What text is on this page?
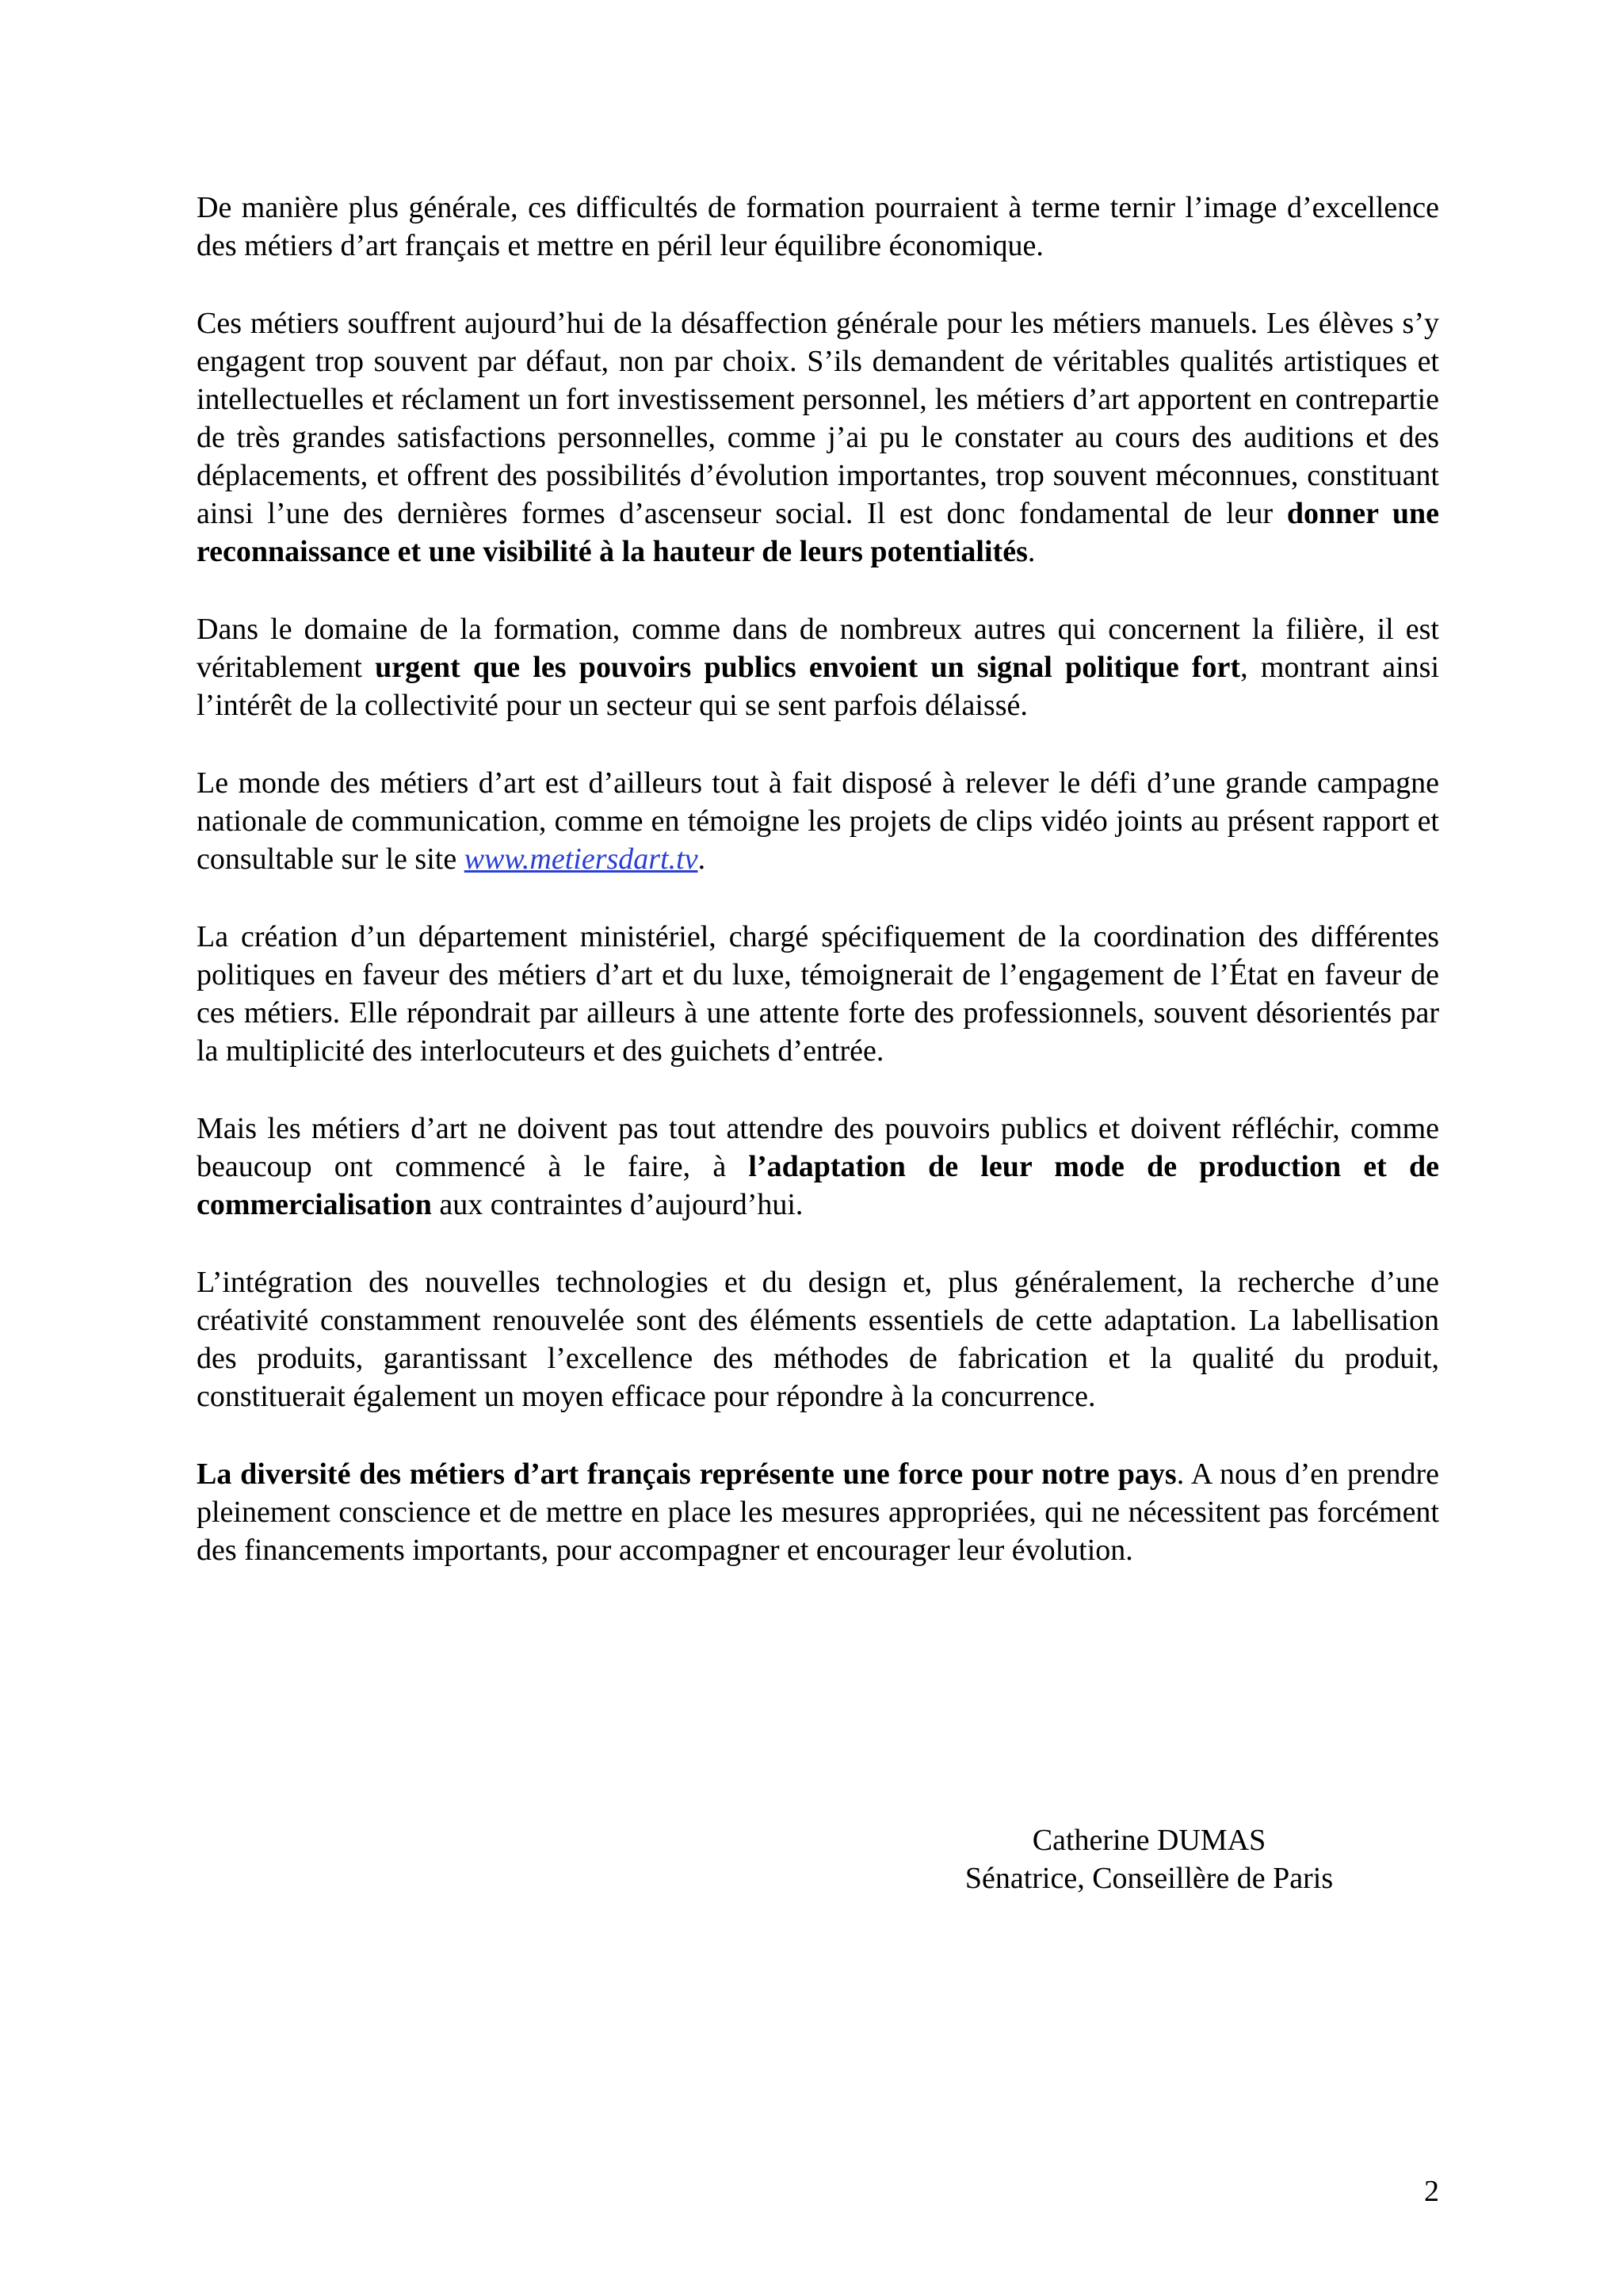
De manière plus générale, ces difficultés de formation pourraient à terme ternir l’image d’excellence des métiers d’art français et mettre en péril leur équilibre économique.

Ces métiers souffrent aujourd’hui de la désaffection générale pour les métiers manuels. Les élèves s’y engagent trop souvent par défaut, non par choix. S’ils demandent de véritables qualités artistiques et intellectuelles et réclament un fort investissement personnel, les métiers d’art apportent en contrepartie de très grandes satisfactions personnelles, comme j’ai pu le constater au cours des auditions et des déplacements, et offrent des possibilités d’évolution importantes, trop souvent méconnues, constituant ainsi l’une des dernières formes d’ascenseur social. Il est donc fondamental de leur donner une reconnaissance et une visibilité à la hauteur de leurs potentialités.

Dans le domaine de la formation, comme dans de nombreux autres qui concernent la filière, il est véritablement urgent que les pouvoirs publics envoient un signal politique fort, montrant ainsi l’intérêt de la collectivité pour un secteur qui se sent parfois délaissé.

Le monde des métiers d’art est d’ailleurs tout à fait disposé à relever le défi d’une grande campagne nationale de communication, comme en témoigne les projets de clips vidéo joints au présent rapport et consultable sur le site www.metiersdart.tv.

La création d’un département ministériel, chargé spécifiquement de la coordination des différentes politiques en faveur des métiers d’art et du luxe, témoignerait de l’engagement de l’État en faveur de ces métiers. Elle répondrait par ailleurs à une attente forte des professionnels, souvent désorientés par la multiplicité des interlocuteurs et des guichets d’entrée.

Mais les métiers d’art ne doivent pas tout attendre des pouvoirs publics et doivent réfléchir, comme beaucoup ont commencé à le faire, à l’adaptation de leur mode de production et de commercialisation aux contraintes d’aujourd’hui.

L’intégration des nouvelles technologies et du design et, plus généralement, la recherche d’une créativité constamment renouvelée sont des éléments essentiels de cette adaptation. La labellisation des produits, garantissant l’excellence des méthodes de fabrication et la qualité du produit, constituerait également un moyen efficace pour répondre à la concurrence.

La diversité des métiers d’art français représente une force pour notre pays. A nous d’en prendre pleinement conscience et de mettre en place les mesures appropriées, qui ne nécessitent pas forcément des financements importants, pour accompagner et encourager leur évolution.

Catherine DUMAS
Sénatrice, Conseillère de Paris
2
